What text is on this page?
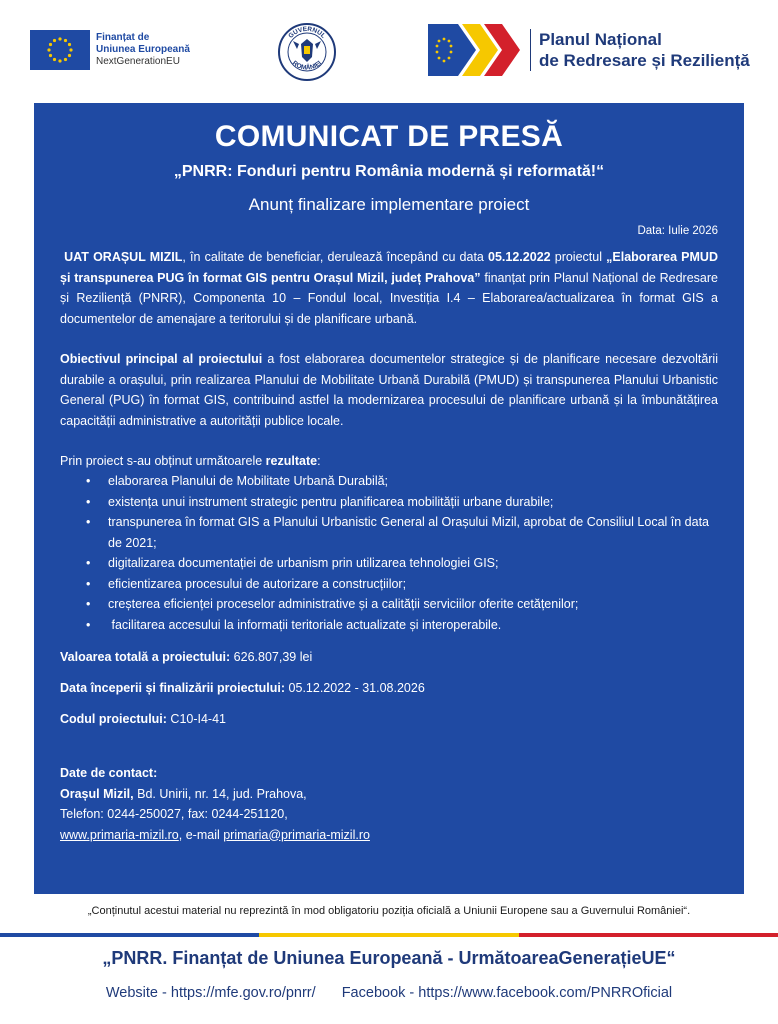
Finanțat de
Uniunea Europeană
NextGenerationEU
GUVERNUL
ROMÂNIEI
Planul Național
de Redresare și Reziliență
COMUNICAT DE PRESĂ
„PNRR: Fonduri pentru România modernă și reformată!“
Anunț finalizare implementare proiect
Data: Iulie 2026

UAT ORAȘUL MIZIL, în calitate de beneficiar, derulează începând cu data 05.12.2022 proiectul „Elaborarea PMUD și transpunerea PUG în format GIS pentru Orașul Mizil, județ Prahova” finanțat prin Planul Național de Redresare și Reziliență (PNRR), Componenta 10 – Fondul local, Investiția I.4 – Elaborarea/actualizarea în format GIS a documentelor de amenajare a teritorului și de planificare urbană.

Obiectivul principal al proiectului a fost elaborarea documentelor strategice și de planificare necesare dezvoltării durabile a orașului, prin realizarea Planului de Mobilitate Urbană Durabilă (PMUD) și transpunerea Planului Urbanistic General (PUG) în format GIS, contribuind astfel la modernizarea procesului de planificare urbană și la îmbunătățirea capacității administrative a autorității publice locale.

Prin proiect s-au obținut următoarele rezultate:
• elaborarea Planului de Mobilitate Urbană Durabilă;
• existența unui instrument strategic pentru planificarea mobilității urbane durabile;
• transpunerea în format GIS a Planului Urbanistic General al Orașului Mizil, aprobat de Consiliul Local în data de 2021;
• digitalizarea documentației de urbanism prin utilizarea tehnologiei GIS;
• eficientizarea procesului de autorizare a construcțiilor;
• creșterea eficienței proceselor administrative și a calității serviciilor oferite cetățenilor;
•  facilitarea accesului la informații teritoriale actualizate și interoperabile.
Valoarea totală a proiectului: 626.807,39 lei
Data începerii și finalizării proiectului: 05.12.2022 - 31.08.2026
Codul proiectului: C10-I4-41
Date de contact:
Orașul Mizil, Bd. Unirii, nr. 14, jud. Prahova,
Telefon: 0244-250027, fax: 0244-251120,
www.primaria-mizil.ro, e-mail primaria@primaria-mizil.ro
„Conținutul acestui material nu reprezintă în mod obligatoriu poziția oficială a Uniunii Europene sau a Guvernului României“.
„PNRR. Finanțat de Uniunea Europeană - UrmătoareaGenerațieUE“
Website - https://mfe.gov.ro/pnrr/ Facebook - https://www.facebook.com/PNRROficial
